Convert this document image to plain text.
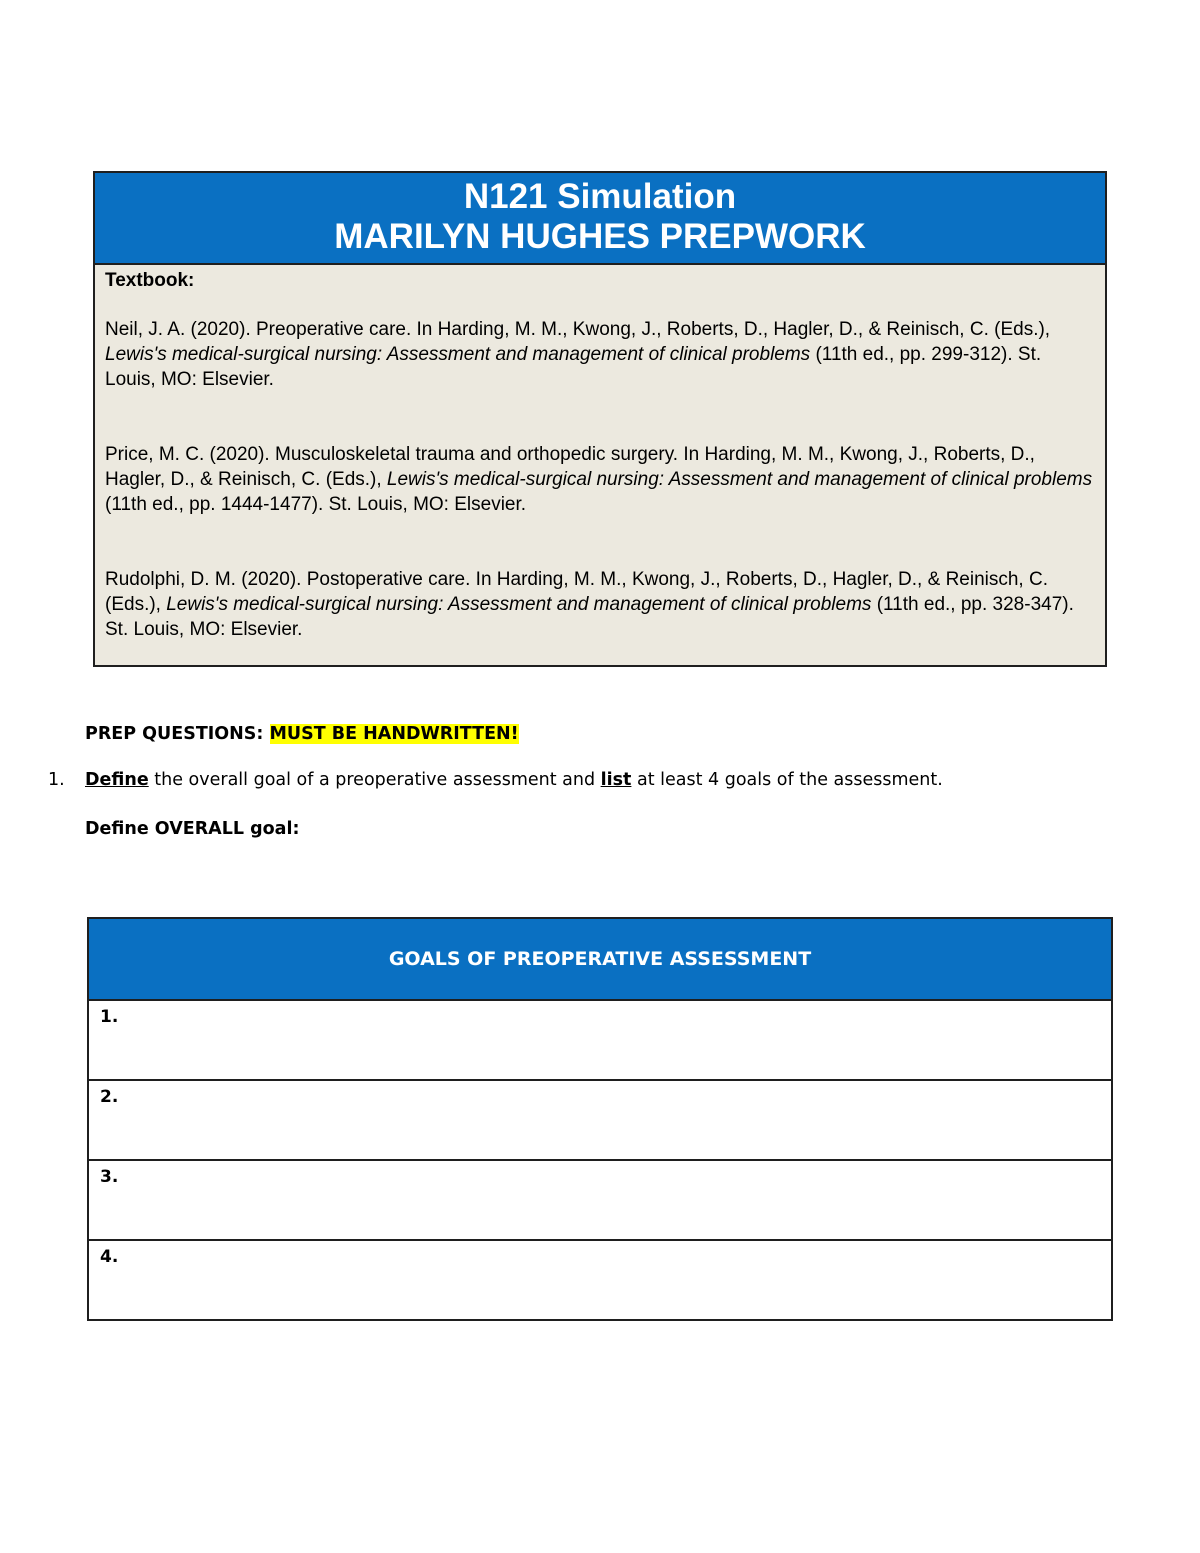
N121 Simulation
MARILYN HUGHES PREPWORK
Textbook:

Neil, J. A. (2020). Preoperative care. In Harding, M. M., Kwong, J., Roberts, D., Hagler, D., & Reinisch, C. (Eds.), Lewis's medical-surgical nursing: Assessment and management of clinical problems (11th ed., pp. 299-312). St. Louis, MO: Elsevier.

Price, M. C. (2020). Musculoskeletal trauma and orthopedic surgery. In Harding, M. M., Kwong, J., Roberts, D., Hagler, D., & Reinisch, C. (Eds.), Lewis's medical-surgical nursing: Assessment and management of clinical problems (11th ed., pp. 1444-1477). St. Louis, MO: Elsevier.

Rudolphi, D. M. (2020). Postoperative care. In Harding, M. M., Kwong, J., Roberts, D., Hagler, D., & Reinisch, C. (Eds.), Lewis's medical-surgical nursing: Assessment and management of clinical problems (11th ed., pp. 328-347). St. Louis, MO: Elsevier.

PREP QUESTIONS: MUST BE HANDWRITTEN!
1. Define the overall goal of a preoperative assessment and list at least 4 goals of the assessment.
Define OVERALL goal:
GOALS OF PREOPERATIVE ASSESSMENT
1.
2.
3.
4.
